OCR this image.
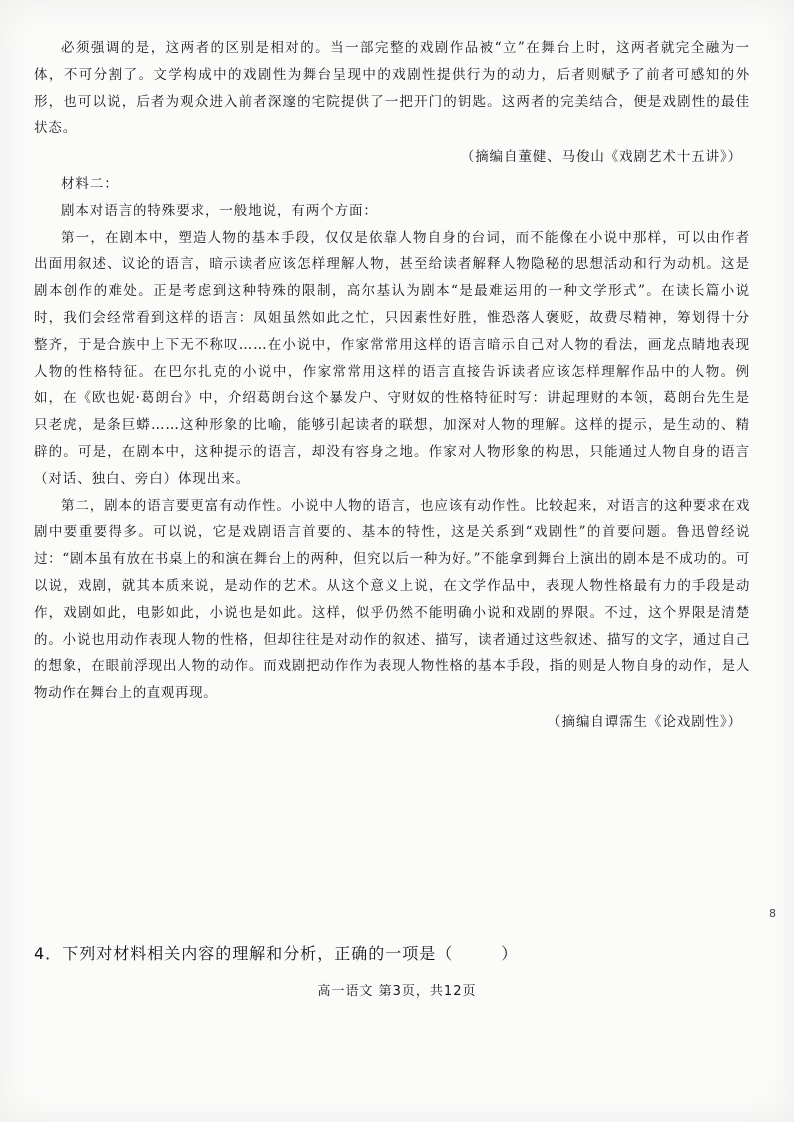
必须强调的是，这两者的区别是相对的。当一部完整的戏剧作品被“立”在舞台上时，这两者就完全融为一体，不可分割了。文学构成中的戏剧性为舞台呈现中的戏剧性提供行为的动力，后者则赋予了前者可感知的外形，也可以说，后者为观众进入前者深邃的宅院提供了一把开门的钥匙。这两者的完美结合，便是戏剧性的最佳状态。

（摘编自董健、马俊山《戏剧艺术十五讲》）

材料二：

剧本对语言的特殊要求，一般地说，有两个方面：

第一，在剧本中，塑造人物的基本手段，仅仅是依靠人物自身的台词，而不能像在小说中那样，可以由作者出面用叙述、议论的语言，暗示读者应该怎样理解人物，甚至给读者解释人物隐秘的思想活动和行为动机。这是剧本创作的难处。正是考虑到这种特殊的限制，高尔基认为剧本“是最难运用的一种文学形式”。在读长篇小说时，我们会经常看到这样的语言：凤姐虽然如此之忙，只因素性好胜，惟恐落人褒贬，故费尽精神，筹划得十分整齐，于是合族中上下无不称叹……在小说中，作家常常用这样的语言暗示自己对人物的看法，画龙点睛地表现人物的性格特征。在巴尔扎克的小说中，作家常常用这样的语言直接告诉读者应该怎样理解作品中的人物。例如，在《欧也妮·葛朗台》中，介绍葛朗台这个暴发户、守财奴的性格特征时写：讲起理财的本领，葛朗台先生是只老虎，是条巨蟒……这种形象的比喻，能够引起读者的联想，加深对人物的理解。这样的提示，是生动的、精辟的。可是，在剧本中，这种提示的语言，却没有容身之地。作家对人物形象的构思，只能通过人物自身的语言（对话、独白、旁白）体现出来。

第二，剧本的语言要更富有动作性。小说中人物的语言，也应该有动作性。比较起来，对语言的这种要求在戏剧中要重要得多。可以说，它是戏剧语言首要的、基本的特性，这是关系到“戏剧性”的首要问题。鲁迅曾经说过：“剧本虽有放在书桌上的和演在舞台上的两种，但究以后一种为好。”不能拿到舞台上演出的剧本是不成功的。可以说，戏剧，就其本质来说，是动作的艺术。从这个意义上说，在文学作品中，表现人物性格最有力的手段是动作，戏剧如此，电影如此，小说也是如此。这样，似乎仍然不能明确小说和戏剧的界限。不过，这个界限是清楚的。小说也用动作表现人物的性格，但却往往是对动作的叙述、描写，读者通过这些叙述、描写的文字，通过自己的想象，在眼前浮现出人物的动作。而戏剧把动作作为表现人物性格的基本手段，指的则是人物自身的动作，是人物动作在舞台上的直观再现。

（摘编自谭霈生《论戏剧性》）

8
4．下列对材料相关内容的理解和分析，正确的一项是（	）
高一语文 第3页，共12页
